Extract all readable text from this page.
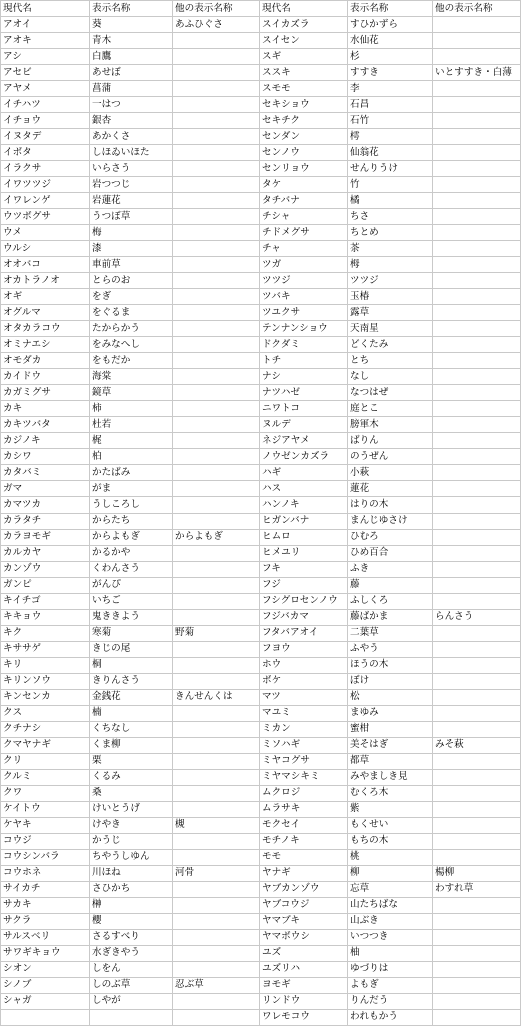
現代名	表示名称	他の表示名称	現代名	表示名称	他の表示名称
アオイ	葵	あふひぐさ	スイカズラ	すひかずら	
アオキ	青木		スイセン	水仙花	
アシ	白鷹		スギ	杉	
アセビ	あせぼ		ススキ	すすき	いとすすき・白薄
アヤメ	菖蒲		スモモ	李	
イチハツ	一はつ		セキショウ	石昌	
イチョウ	銀杏		セキチク	石竹	
イヌタデ	あかくさ		センダン	樗	
イボタ	しほゐいほた		センノウ	仙翁花	
イラクサ	いらさう		センリョウ	せんりうけ	
イワツツジ	岩つつじ		タケ	竹	
イワレンゲ	岩蓮花		タチバナ	橘	
ウツボグサ	うつぼ草		チシャ	ちさ	
ウメ	梅		チドメグサ	ちとめ	
ウルシ	漆		チャ	茶	
オオバコ	車前草		ツガ	栂	
オカトラノオ	とらのお		ツツジ	ツツジ	
オギ	をぎ		ツバキ	玉椿	
オグルマ	をぐるま		ツユクサ	露草	
オタカラコウ	たからかう		テンナンショウ	天南星	
オミナエシ	をみなへし		ドクダミ	どくたみ	
オモダカ	をもだか		トチ	とち	
カイドウ	海棠		ナシ	なし	
カガミグサ	鏡草		ナツハゼ	なつはぜ	
カキ	柿		ニワトコ	庭とこ	
カキツバタ	杜若		ヌルデ	膀軍木	
カジノキ	梶		ネジアヤメ	ばりん	
カシワ	柏		ノウゼンカズラ	のうぜん	
カタバミ	かたばみ		ハギ	小萩	
ガマ	がま		ハス	蓮花	
カマツカ	うしころし		ハンノキ	はりの木	
カラタチ	からたち		ヒガンバナ	まんじゆさけ	
カラヨモギ	からよもぎ	からよもぎ	ヒムロ	ひむろ	
カルカヤ	かるかや		ヒメユリ	ひめ百合	
カンゾウ	くわんさう		フキ	ふき	
ガンピ	がんぴ		フジ	藤	
キイチゴ	いちご		フシグロセンノウ	ふしくろ	
キキョウ	鬼ききよう		フジバカマ	藤ばかま	らんさう
キク	寒菊	野菊	フタバアオイ	二葉草	
キササゲ	きじの尾		フヨウ	ふやう	
キリ	桐		ホウ	ほうの木	
キリンソウ	きりんさう		ボケ	ぼけ	
キンセンカ	金銭花	きんせんくは	マツ	松	
クス	楠		マユミ	まゆみ	
クチナシ	くちなし		ミカン	蜜柑	
クマヤナギ	くま柳		ミソハギ	美そはぎ	みそ萩
クリ	栗		ミヤコグサ	都草	
クルミ	くるみ		ミヤマシキミ	みやましき見	
クワ	桑		ムクロジ	むくろ木	
ケイトウ	けいとうげ		ムラサキ	紫	
ケヤキ	けやき	槻	モクセイ	もくせい	
コウジ	かうじ		モチノキ	もちの木	
コウシンバラ	ちやうしゆん		モモ	桃	
コウホネ	川ほね	河骨	ヤナギ	柳	楊柳
サイカチ	さひかち		ヤブカンゾウ	忘草	わすれ草
サカキ	榊		ヤブコウジ	山たちばな	
サクラ	櫻		ヤマブキ	山ぶき	
サルスベリ	さるすべり		ヤマボウシ	いつつき	
サワギキョウ	水ぎきやう		ユズ	柚	
シオン	しをん		ユズリハ	ゆづりは	
シノブ	しのぶ草	忍ぶ草	ヨモギ	よもぎ	
シャガ	しやが		リンドウ	りんだう	
			ワレモコウ	われもかう	
